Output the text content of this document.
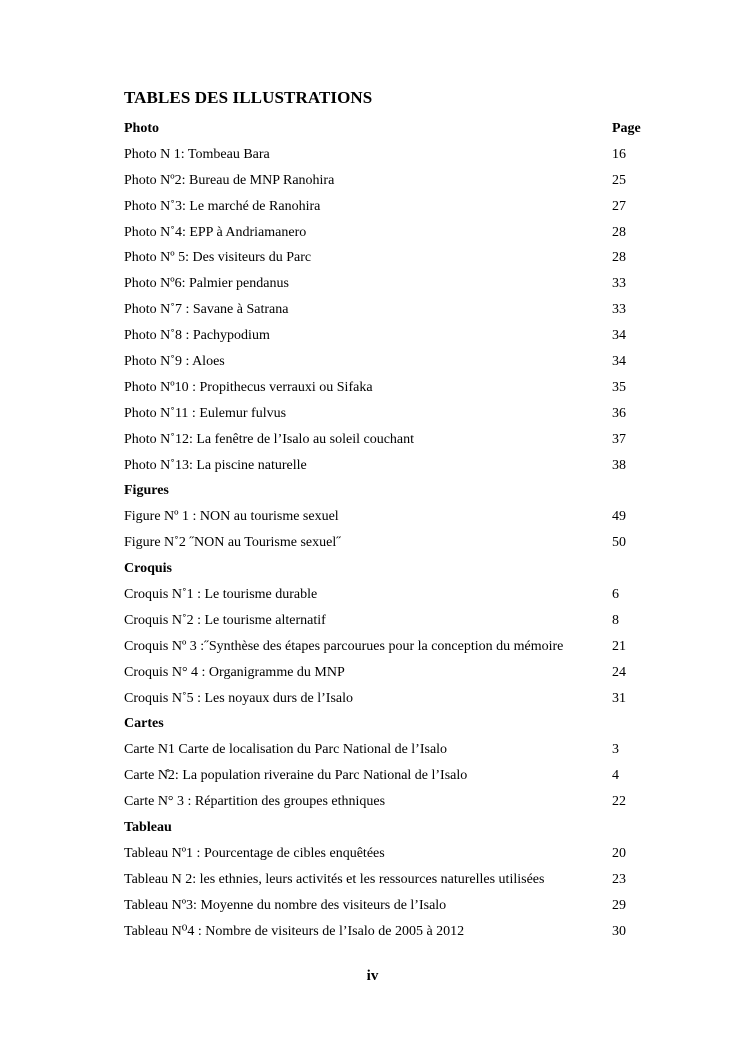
TABLES DES ILLUSTRATIONS
Photo	Page
Photo N 1: Tombeau Bara	16
Photo Nº2: Bureau de MNP Ranohira	25
Photo N˚3: Le marché de Ranohira	27
Photo N˚4: EPP à Andriamanero	28
Photo Nº 5: Des visiteurs du Parc	28
Photo Nº6: Palmier pendanus	33
Photo N˚7 : Savane à Satrana	33
Photo N˚8 : Pachypodium	34
Photo N˚9 : Aloes	34
Photo Nº10 : Propithecus verrauxi ou Sifaka	35
Photo N˚11 : Eulemur fulvus	36
Photo N˚12: La fenêtre de l’Isalo au soleil couchant	37
Photo N˚13: La piscine naturelle	38
Figures
Figure Nº 1 : NON au tourisme sexuel	49
Figure N˚2 ˝NON au Tourisme sexuel˝	50
Croquis
Croquis N˚1 : Le tourisme durable	6
Croquis N˚2 : Le tourisme alternatif	8
Croquis Nº 3 :˝Synthèse des étapes parcourues pour la conception du mémoire	21
Croquis N° 4 : Organigramme du MNP	24
Croquis N˚5 : Les noyaux durs de l’Isalo	31
Cartes
Carte N1 Carte de localisation du Parc National de l’Isalo	3
Carte N̊2: La population riveraine du Parc National de l’Isalo	4
Carte N° 3 : Répartition des groupes ethniques	22
Tableau
Tableau Nº1 : Pourcentage de cibles enquêtées	20
Tableau N 2: les ethnies, leurs activités et les ressources naturelles utilisées	23
Tableau Nº3: Moyenne du nombre des visiteurs de l’Isalo	29
Tableau N⁰4 : Nombre de visiteurs de l’Isalo de 2005 à 2012	30
iv
